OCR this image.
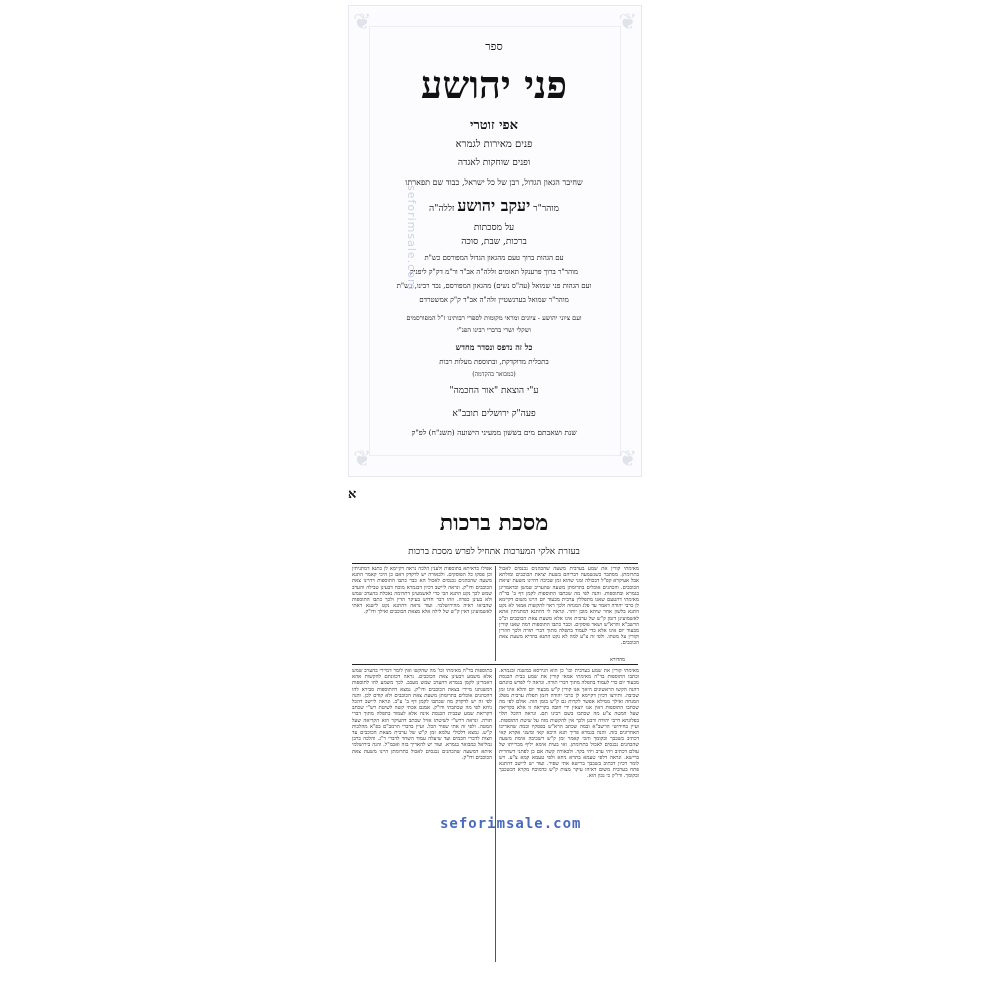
❦	❦
❦	❦
ספר
פני יהושע
אפי זוטרי
פנים מאירות לגמרא
ופנים שוחקות לאגדה
שחיבר הגאון הגדול, רבן של כל ישראל, כבוד שם תפארתו
מוהר"ר יעקב יהושע זללה"ה
על מסכתות
ברכות, שבת, סוכה
עם הגהות ברוך טעם מהגאון הגדול המפורסם כש"ת
מוהר"ר ברוך פרענקל תאומים זללה"ה אב"ד ור"מ דק"ק ליפניק
ועם הגהות פני שמואל (עה"ס נשים) מהגאון המפורסם, נכד רבינו, כש"ת
מוהר"ר שמואל בערנשטיין זלה"ה אב"ד ק"ק אמשטרדם
ועם ציוני יהושע - ציונים ומראי מקומות לספרי רבותינו ז"ל המפורסמים
ושקלי ושרי בדברי רבינו הפנ"י
כל זה נדפס ונסדר מחדש
בתכלית מדוקדקת, ובתוספת מעלות רבות
(כמבואר בהקדמה)
ע"י הוצאת "אור החכמה"
פעה"ק ירושלים תובב"א
שנת ושאבתם מים בששון ממעיני הישועה (תשנ"ח) לפ"ק
seforimsale.com
א
מסכת ברכות
בעזרת אלקי המערכות אתחיל לפרש מסכת ברכות
מאימתי קורין את שמע בערבית משעה שהכהנים נכנסים לאכול בתרומתן. מסתבר כשנשמעה דבריהם בשעת יציאת הכוכבים ומולתא אבל אעיקרא קפ"ל דבכולה זמני שהוא זמן שכיבה דהיינו משעת יציאת הכוכבים. והכהנים אוכלים בתרומתן משעה שהעריב שמשן וכדאמרינן בגמרא ובתוספות. והנה לפי מה שכתבו התוספות לקמן דף ב' בד"ה מאימתי דהטעם שאנו מתפללין ערבית מבעוד יום היינו משום דקיימא לן כרבי יהודה דאמר עד פלג המנחה ולכך ראוי להקשות אמאי לא נקט התנא בלשון אחר שיהא מובן יותר. ונראה לי דהתנא דמתניתין אתא לאשמועינן דזמן ק"ש של ערבית אינו אלא משעת צאת הכוכבים וכ"כ הרשב"א והרא"ש ושאר פוסקים. וכבר כתבו התוספות דמה שאנו קורין מבעוד יום אינו אלא כדי לעמוד בתפלה מתוך דברי תורה ולכך חוזרין וקורין על מטתו. ולפי זה צ"ע למה לא נקט התנא בהדיא משעת צאת הכוכבים.
אפילו כדאיתא בתוספות ולענין הלכה נראה דקיימא לן כתנא דמתניתין וכן פסקו כל הפוסקים. ולכאורה יש לדקדק דאם כן היכי קאמר התנא משעה שהכהנים נכנסים לאכול הא כבר כתבו התוספות דהיינו צאת הכוכבים ודו"ק. ונראה ליישב דכיון דבגמרא מוכח דבעינן טבילה והערב שמש לכך נקט התנא הכי כדי לאשמעינן דתרומה נאכלת בהערב שמש ולא בעינן כפרה. וזהו דבר חדוש בעיקר הדין ולכך כתבו התוספות שהביאו ראיה מהירושלמי. ועוד נראה דהתנא נקט לישנא דאתי לאשמועינן דאין ק"ש של לילה אלא מצאת הכוכבים ואילך ודו"ק.
מהדורא
מאימתי קורין את שמע בערבית וכו' כן הוא הגירסא במשנה ובגמרא. וכתבו התוספות בד"ה מאימתי אמאי קורין את שמע בבית הכנסת מבעוד יום כדי לעמוד בתפלה מתוך דברי תורה. ונראה לי לפרש כוונתם דהנה הקשו הראשונים היאך אנו קורין ק"ש מבעוד יום והלא אינו זמן שכיבה. ותירצו דכיון דקיימא לן כרבי יהודה דזמן תפלת ערבית מפלג המנחה ואילך ממילא אפשר לקרות גם ק"ש בזמן הזה. אולם לפי מה שכתבו התוספות דאין אנו יוצאין ידי חובה בקריאה זו אלא בקריאה שעל המטה צ"ע מה שכתבו בשם רבינו תם. ונראה דהכל תלוי בפלוגתא דרבי יהודה ורבנן ולכך אין להקשות מזה על שיטת התוספות. ועיין בחידושי הרשב"א ובמה שכתב הרא"ש בפסקיו ובמה שהאריכו האחרונים בזה. והנה בגמרא פריך תנא היכא קאי ומשני אקרא קאי דכתיב בשכבך ובקומך והכי קאמר זמן ק"ש דשכיבה אימת משעה שהכהנים נכנסים לאכול בתרומתן. ואי בעית אימא יליף מברייתו של עולם דכתיב ויהי ערב ויהי בקר. ולכאורה קשה אם כן לפתני דשחרית ברישא. ונראה דלפי טעמא בתרא ניחא ולפי טעמא קמא צ"ע. ויש לומר דכיון דכתיב בשכבך ברישא אתי שפיר. ועוד יש ליישב דהתנא פתח בערבית משום דאיהו עיקר מצות ק"ש כדמוכח מקרא דבשכבך ובקומך. ודו"ק כי נכון הוא.
בתוספות בד"ה מאימתי וכו' מה שהקשו ואין לומר דמיירי בהערב שמש אלא משמע דבעינן צאת הכוכבים. נראה דכוונתם להקשות אהא דאמרינן לקמן בגמרא דהערב שמש מעכב. לכך משמע להו לתוספות דמשנתנו מיירי בצאת הכוכבים ודו"ק. נמצא דהתוספות סבירא להו דהכהנים אוכלים בתרומתן משעת צאת הכוכבים ולא קודם לכן. והנה לפי זה יש לדקדק מה שכתבו לקמן דף ב' ע"ב. ונראה ליישב דהכל ניחא לפי מה שכתבתי ודו"ק. אמנם אכתי קשה לשיטת רש"י שכתב דקריאת שמע שבבית הכנסת אינה אלא לעמוד בתפלה מתוך דברי תורה. ונראה דרש"י לשיטתו אזיל שכתב דהעיקר הוא הקריאה שעל המטה. ולפי זה אתי שפיר הכל. ועיין בדברי הרמב"ם בפ"א מהלכות ק"ש. נמצא דלכולי עלמא זמן ק"ש של ערבית מצאת הכוכבים עד חצות לדברי חכמים ועד שיעלה עמוד השחר לדברי ר"ג. והלכה כרבן גמליאל כמבואר בגמרא. ועוד יש להאריך בזה ואכמ"ל. והנה בירושלמי איתא דמשעה שהכהנים נכנסים לאכול בתרומתן היינו משעת צאת הכוכבים ודו"ק.
seforimsale.com
